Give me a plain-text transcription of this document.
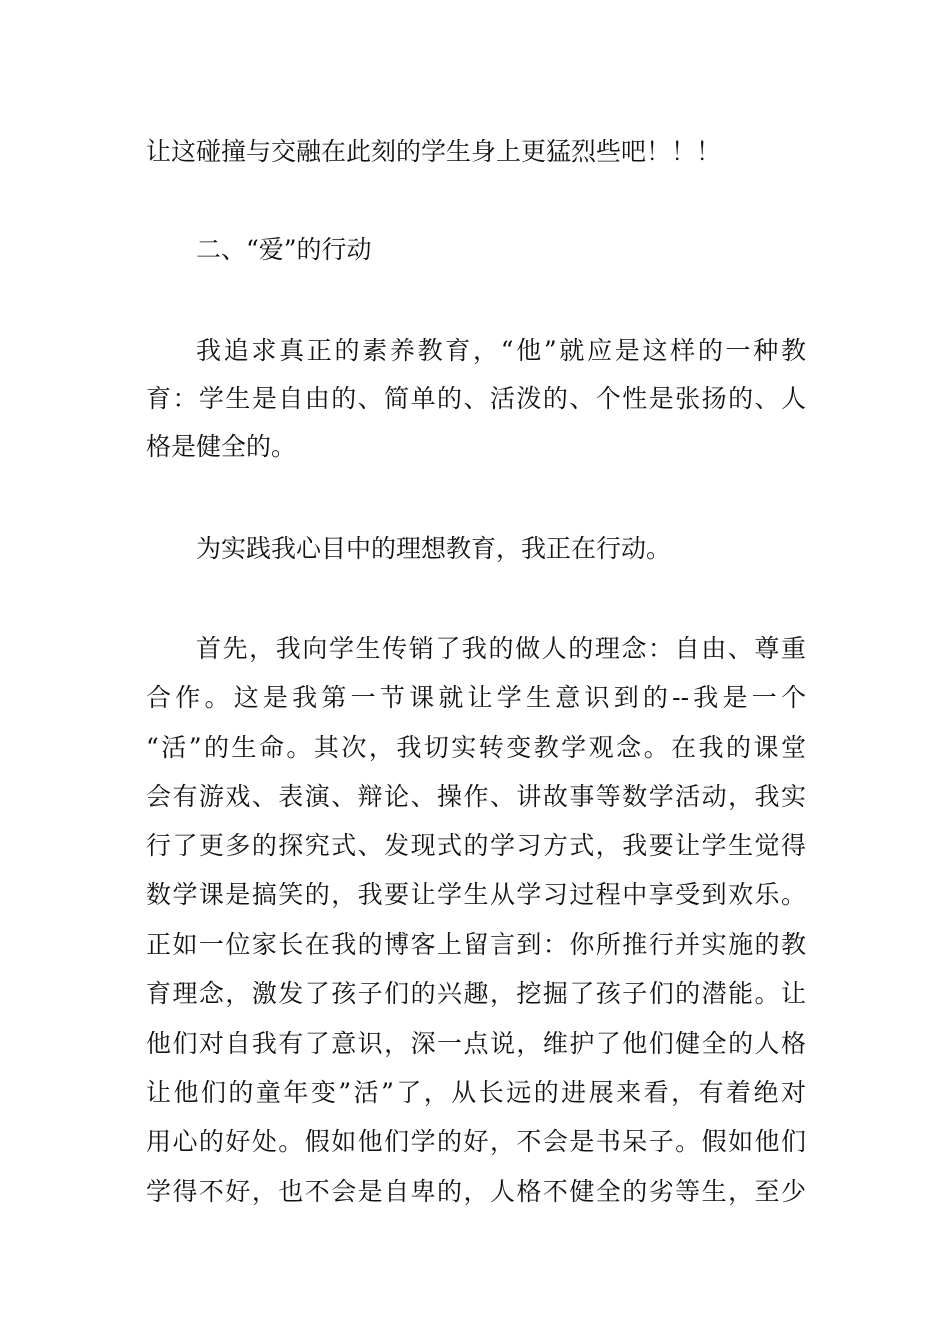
让这碰撞与交融在此刻的学生身上更猛烈些吧！！！
二、“爱”的行动
我追求真正的素养教育，“他”就应是这样的一种教
育：学生是自由的、简单的、活泼的、个性是张扬的、人
格是健全的。
为实践我心目中的理想教育，我正在行动。
首先，我向学生传销了我的做人的理念：自由、尊重
合作。这是我第一节课就让学生意识到的--我是一个
“活”的生命。其次，我切实转变教学观念。在我的课堂
会有游戏、表演、辩论、操作、讲故事等数学活动，我实
行了更多的探究式、发现式的学习方式，我要让学生觉得
数学课是搞笑的，我要让学生从学习过程中享受到欢乐。
正如一位家长在我的博客上留言到：你所推行并实施的教
育理念，激发了孩子们的兴趣，挖掘了孩子们的潜能。让
他们对自我有了意识，深一点说，维护了他们健全的人格
让他们的童年变”活”了，从长远的进展来看，有着绝对
用心的好处。假如他们学的好，不会是书呆子。假如他们
学得不好，也不会是自卑的，人格不健全的劣等生，至少
